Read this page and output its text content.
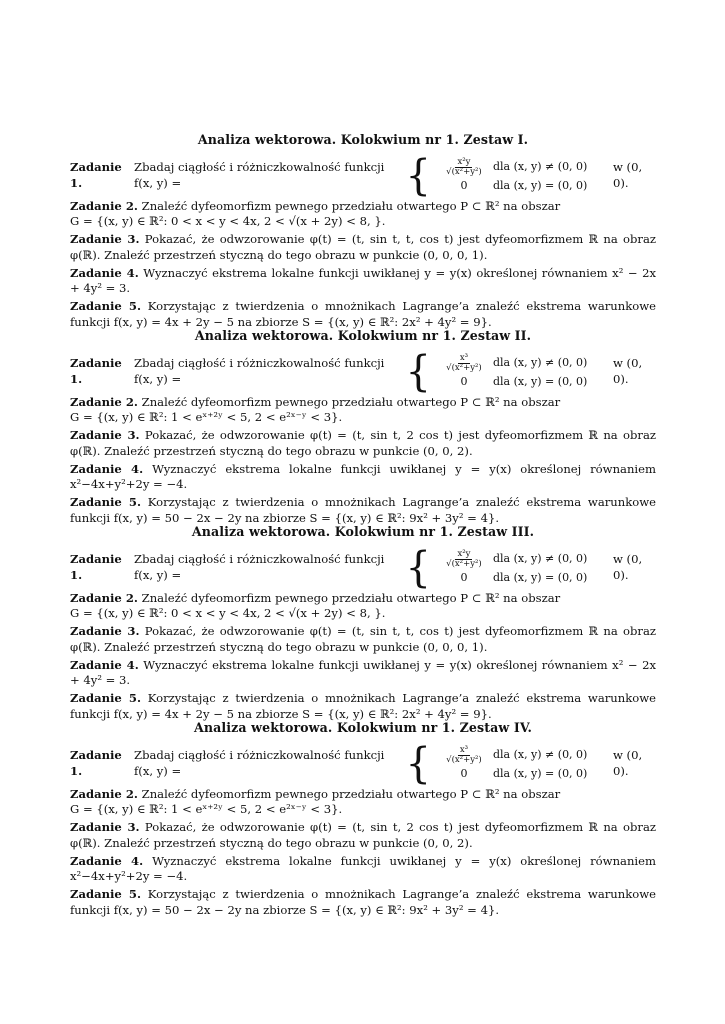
Analiza wektorowa. Kolokwium nr 1. Zestaw I.
Zadanie 1.

Zbadaj ciągłość i różniczkowalność funkcji f(x, y) =	{ $\frac{\text{x²y}}{\text{√(x²+y²)}}$ dla (x, y) ≠ (0, 0)
0	dla (x, y) = (0, 0)
w (0, 0).
Zadanie 2. Znaleźć dyfeomorfizm pewnego przedziału otwartego P ⊂ ℝ² na obszar
G = {(x, y) ∈ ℝ²: 0 < x < y < 4x, 2 < √(x + 2y) < 8, }.
Zadanie 3. Pokazać, że odwzorowanie φ(t) = (t, sin t, t, cos t) jest dyfeomorfizmem ℝ na obraz φ(ℝ). Znaleźć przestrzeń styczną do tego obrazu w punkcie (0, 0, 0, 1).
Zadanie 4. Wyznaczyć ekstrema lokalne funkcji uwikłanej y = y(x) określonej równaniem x² − 2x + 4y² = 3.
Zadanie 5. Korzystając z twierdzenia o mnożnikach Lagrange’a znaleźć ekstrema warunkowe funkcji f(x, y) = 4x + 2y − 5 na zbiorze S = {(x, y) ∈ ℝ²: 2x² + 4y² = 9}.
Analiza wektorowa. Kolokwium nr 1. Zestaw II.
Zadanie 1.

Zbadaj ciągłość i różniczkowalność funkcji f(x, y) =	{ $\frac{\text{x³}}{\text{√(x²+y²)}}$ dla (x, y) ≠ (0, 0)
0	dla (x, y) = (0, 0)
w (0, 0).
Zadanie 2. Znaleźć dyfeomorfizm pewnego przedziału otwartego P ⊂ ℝ² na obszar
G = {(x, y) ∈ ℝ²: 1 < eˣ⁺²ʸ < 5, 2 < e²ˣ⁻ʸ < 3}.
Zadanie 3. Pokazać, że odwzorowanie φ(t) = (t, sin t, 2 cos t) jest dyfeomorfizmem ℝ na obraz φ(ℝ). Znaleźć przestrzeń styczną do tego obrazu w punkcie (0, 0, 2).
Zadanie 4. Wyznaczyć ekstrema lokalne funkcji uwikłanej y = y(x) określonej równaniem x²−4x+y²+2y = −4.
Zadanie 5. Korzystając z twierdzenia o mnożnikach Lagrange’a znaleźć ekstrema warunkowe funkcji f(x, y) = 50 − 2x − 2y na zbiorze S = {(x, y) ∈ ℝ²: 9x² + 3y² = 4}.
Analiza wektorowa. Kolokwium nr 1. Zestaw III.
Zadanie 1.

Zbadaj ciągłość i różniczkowalność funkcji f(x, y) =	{ $\frac{\text{x²y}}{\text{√(x²+y²)}}$ dla (x, y) ≠ (0, 0)
0	dla (x, y) = (0, 0)
w (0, 0).
Zadanie 2. Znaleźć dyfeomorfizm pewnego przedziału otwartego P ⊂ ℝ² na obszar
G = {(x, y) ∈ ℝ²: 0 < x < y < 4x, 2 < √(x + 2y) < 8, }.
Zadanie 3. Pokazać, że odwzorowanie φ(t) = (t, sin t, t, cos t) jest dyfeomorfizmem ℝ na obraz φ(ℝ). Znaleźć przestrzeń styczną do tego obrazu w punkcie (0, 0, 0, 1).
Zadanie 4. Wyznaczyć ekstrema lokalne funkcji uwikłanej y = y(x) określonej równaniem x² − 2x + 4y² = 3.
Zadanie 5. Korzystając z twierdzenia o mnożnikach Lagrange’a znaleźć ekstrema warunkowe funkcji f(x, y) = 4x + 2y − 5 na zbiorze S = {(x, y) ∈ ℝ²: 2x² + 4y² = 9}.
Analiza wektorowa. Kolokwium nr 1. Zestaw IV.
Zadanie 1.

Zbadaj ciągłość i różniczkowalność funkcji f(x, y) =	{ $\frac{\text{x³}}{\text{√(x²+y²)}}$ dla (x, y) ≠ (0, 0)
0	dla (x, y) = (0, 0)
w (0, 0).
Zadanie 2. Znaleźć dyfeomorfizm pewnego przedziału otwartego P ⊂ ℝ² na obszar
G = {(x, y) ∈ ℝ²: 1 < eˣ⁺²ʸ < 5, 2 < e²ˣ⁻ʸ < 3}.
Zadanie 3. Pokazać, że odwzorowanie φ(t) = (t, sin t, 2 cos t) jest dyfeomorfizmem ℝ na obraz φ(ℝ). Znaleźć przestrzeń styczną do tego obrazu w punkcie (0, 0, 2).
Zadanie 4. Wyznaczyć ekstrema lokalne funkcji uwikłanej y = y(x) określonej równaniem x²−4x+y²+2y = −4.
Zadanie 5. Korzystając z twierdzenia o mnożnikach Lagrange’a znaleźć ekstrema warunkowe funkcji f(x, y) = 50 − 2x − 2y na zbiorze S = {(x, y) ∈ ℝ²: 9x² + 3y² = 4}.
